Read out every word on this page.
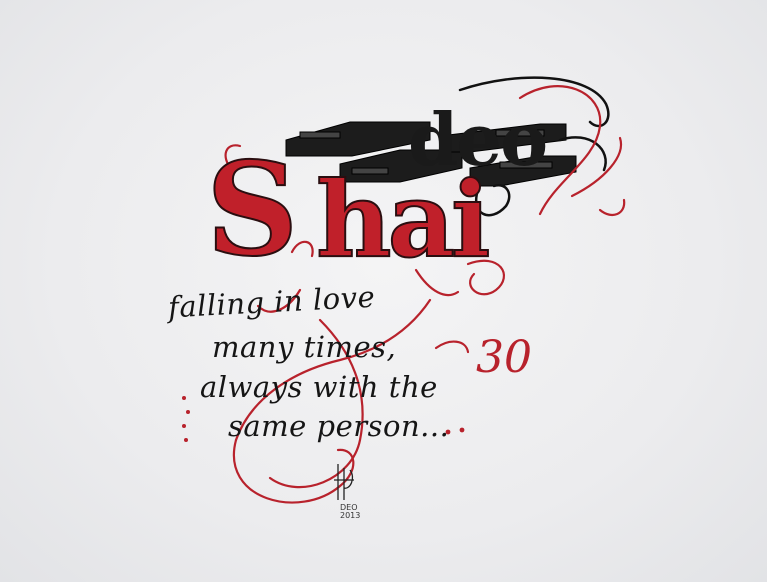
deo
S hai
falling in love
many times,
always with the
same person...
30
DEO
2013
